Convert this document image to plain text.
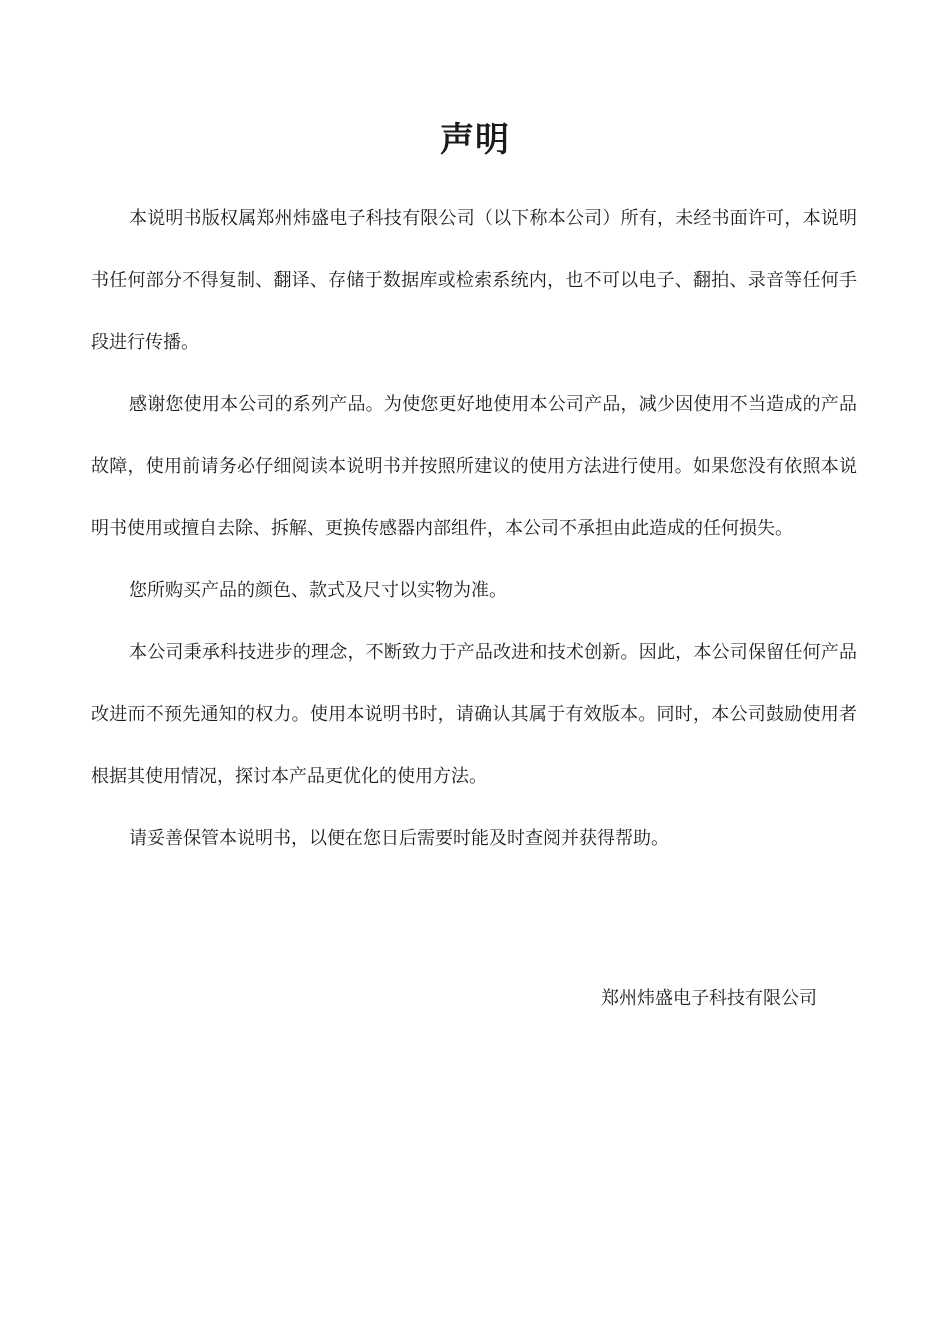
声明

本说明书版权属郑州炜盛电子科技有限公司（以下称本公司）所有，未经书面许可，本说明书任何部分不得复制、翻译、存储于数据库或检索系统内，也不可以电子、翻拍、录音等任何手段进行传播。

感谢您使用本公司的系列产品。为使您更好地使用本公司产品，减少因使用不当造成的产品故障，使用前请务必仔细阅读本说明书并按照所建议的使用方法进行使用。如果您没有依照本说明书使用或擅自去除、拆解、更换传感器内部组件，本公司不承担由此造成的任何损失。

您所购买产品的颜色、款式及尺寸以实物为准。

本公司秉承科技进步的理念，不断致力于产品改进和技术创新。因此，本公司保留任何产品改进而不预先通知的权力。使用本说明书时，请确认其属于有效版本。同时，本公司鼓励使用者根据其使用情况，探讨本产品更优化的使用方法。

请妥善保管本说明书，以便在您日后需要时能及时查阅并获得帮助。

郑州炜盛电子科技有限公司
